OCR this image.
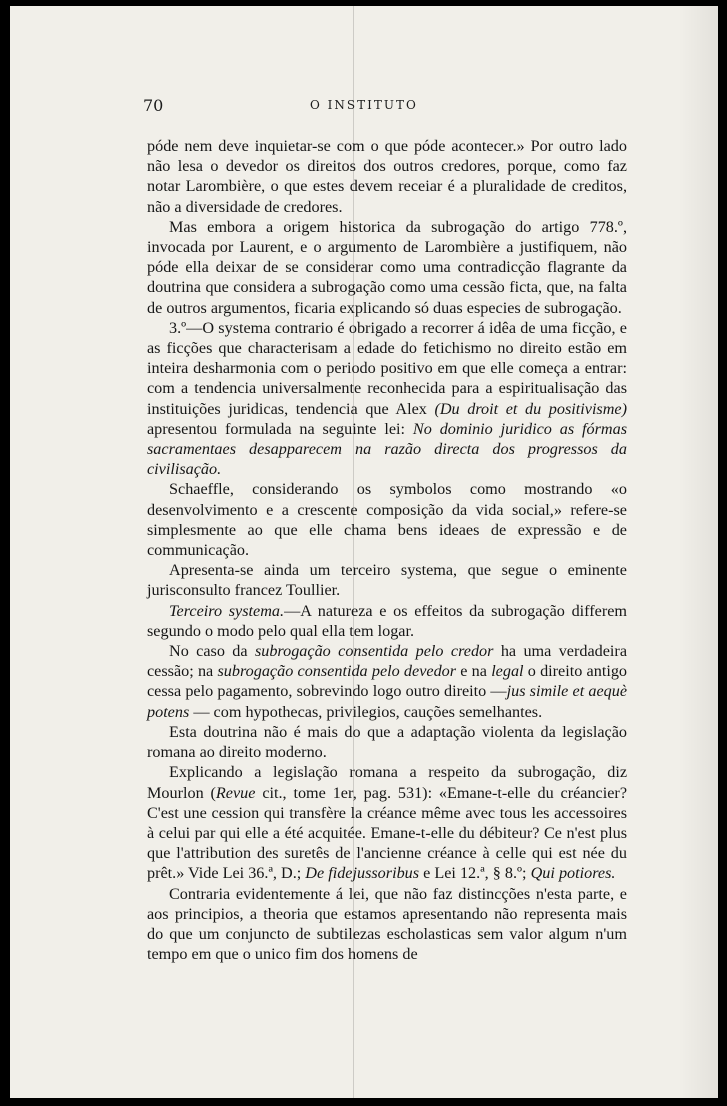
70	O INSTITUTO

póde nem deve inquietar-se com o que póde acontecer.» Por outro lado não lesa o devedor os direitos dos outros credores, porque, como faz notar Larombière, o que estes devem receiar é a pluralidade de creditos, não a diversidade de credores.

Mas embora a origem historica da subrogação do artigo 778.º, invocada por Laurent, e o argumento de Larombière a justifiquem, não póde ella deixar de se considerar como uma contradicção flagrante da doutrina que considera a subrogação como uma cessão ficta, que, na falta de outros argumentos, ficaria explicando só duas especies de subrogação.

3.º—O systema contrario é obrigado a recorrer á idêa de uma ficção, e as ficções que characterisam a edade do fetichismo no direito estão em inteira desharmonia com o periodo positivo em que elle começa a entrar: com a tendencia universalmente reconhecida para a espiritualisação das instituições juridicas, tendencia que Alex (Du droit et du positivisme) apresentou formulada na seguinte lei: No dominio juridico as fórmas sacramentaes desapparecem na razão directa dos progressos da civilisação.

Schaeffle, considerando os symbolos como mostrando «o desenvolvimento e a crescente composição da vida social,» refere-se simplesmente ao que elle chama bens ideaes de expressão e de communicação.

Apresenta-se ainda um terceiro systema, que segue o eminente jurisconsulto francez Toullier.

Terceiro systema.—A natureza e os effeitos da subrogação differem segundo o modo pelo qual ella tem logar.

No caso da subrogação consentida pelo credor ha uma verdadeira cessão; na subrogação consentida pelo devedor e na legal o direito antigo cessa pelo pagamento, sobrevindo logo outro direito —jus simile et aequè potens — com hypothecas, privilegios, cauções semelhantes.

Esta doutrina não é mais do que a adaptação violenta da legislação romana ao direito moderno.

Explicando a legislação romana a respeito da subrogação, diz Mourlon (Revue cit., tome 1er, pag. 531): «Emane-t-elle du créancier? C'est une cession qui transfère la créance même avec tous les accessoires à celui par qui elle a été acquitée. Emane-t-elle du débiteur? Ce n'est plus que l'attribution des suretês de l'ancienne créance à celle qui est née du prêt.» Vide Lei 36.ª, D.; De fidejussoribus e Lei 12.ª, § 8.º; Qui potiores.

Contraria evidentemente á lei, que não faz distincções n'esta parte, e aos principios, a theoria que estamos apresentando não representa mais do que um conjuncto de subtilezas escholasticas sem valor algum n'um tempo em que o unico fim dos homens de
